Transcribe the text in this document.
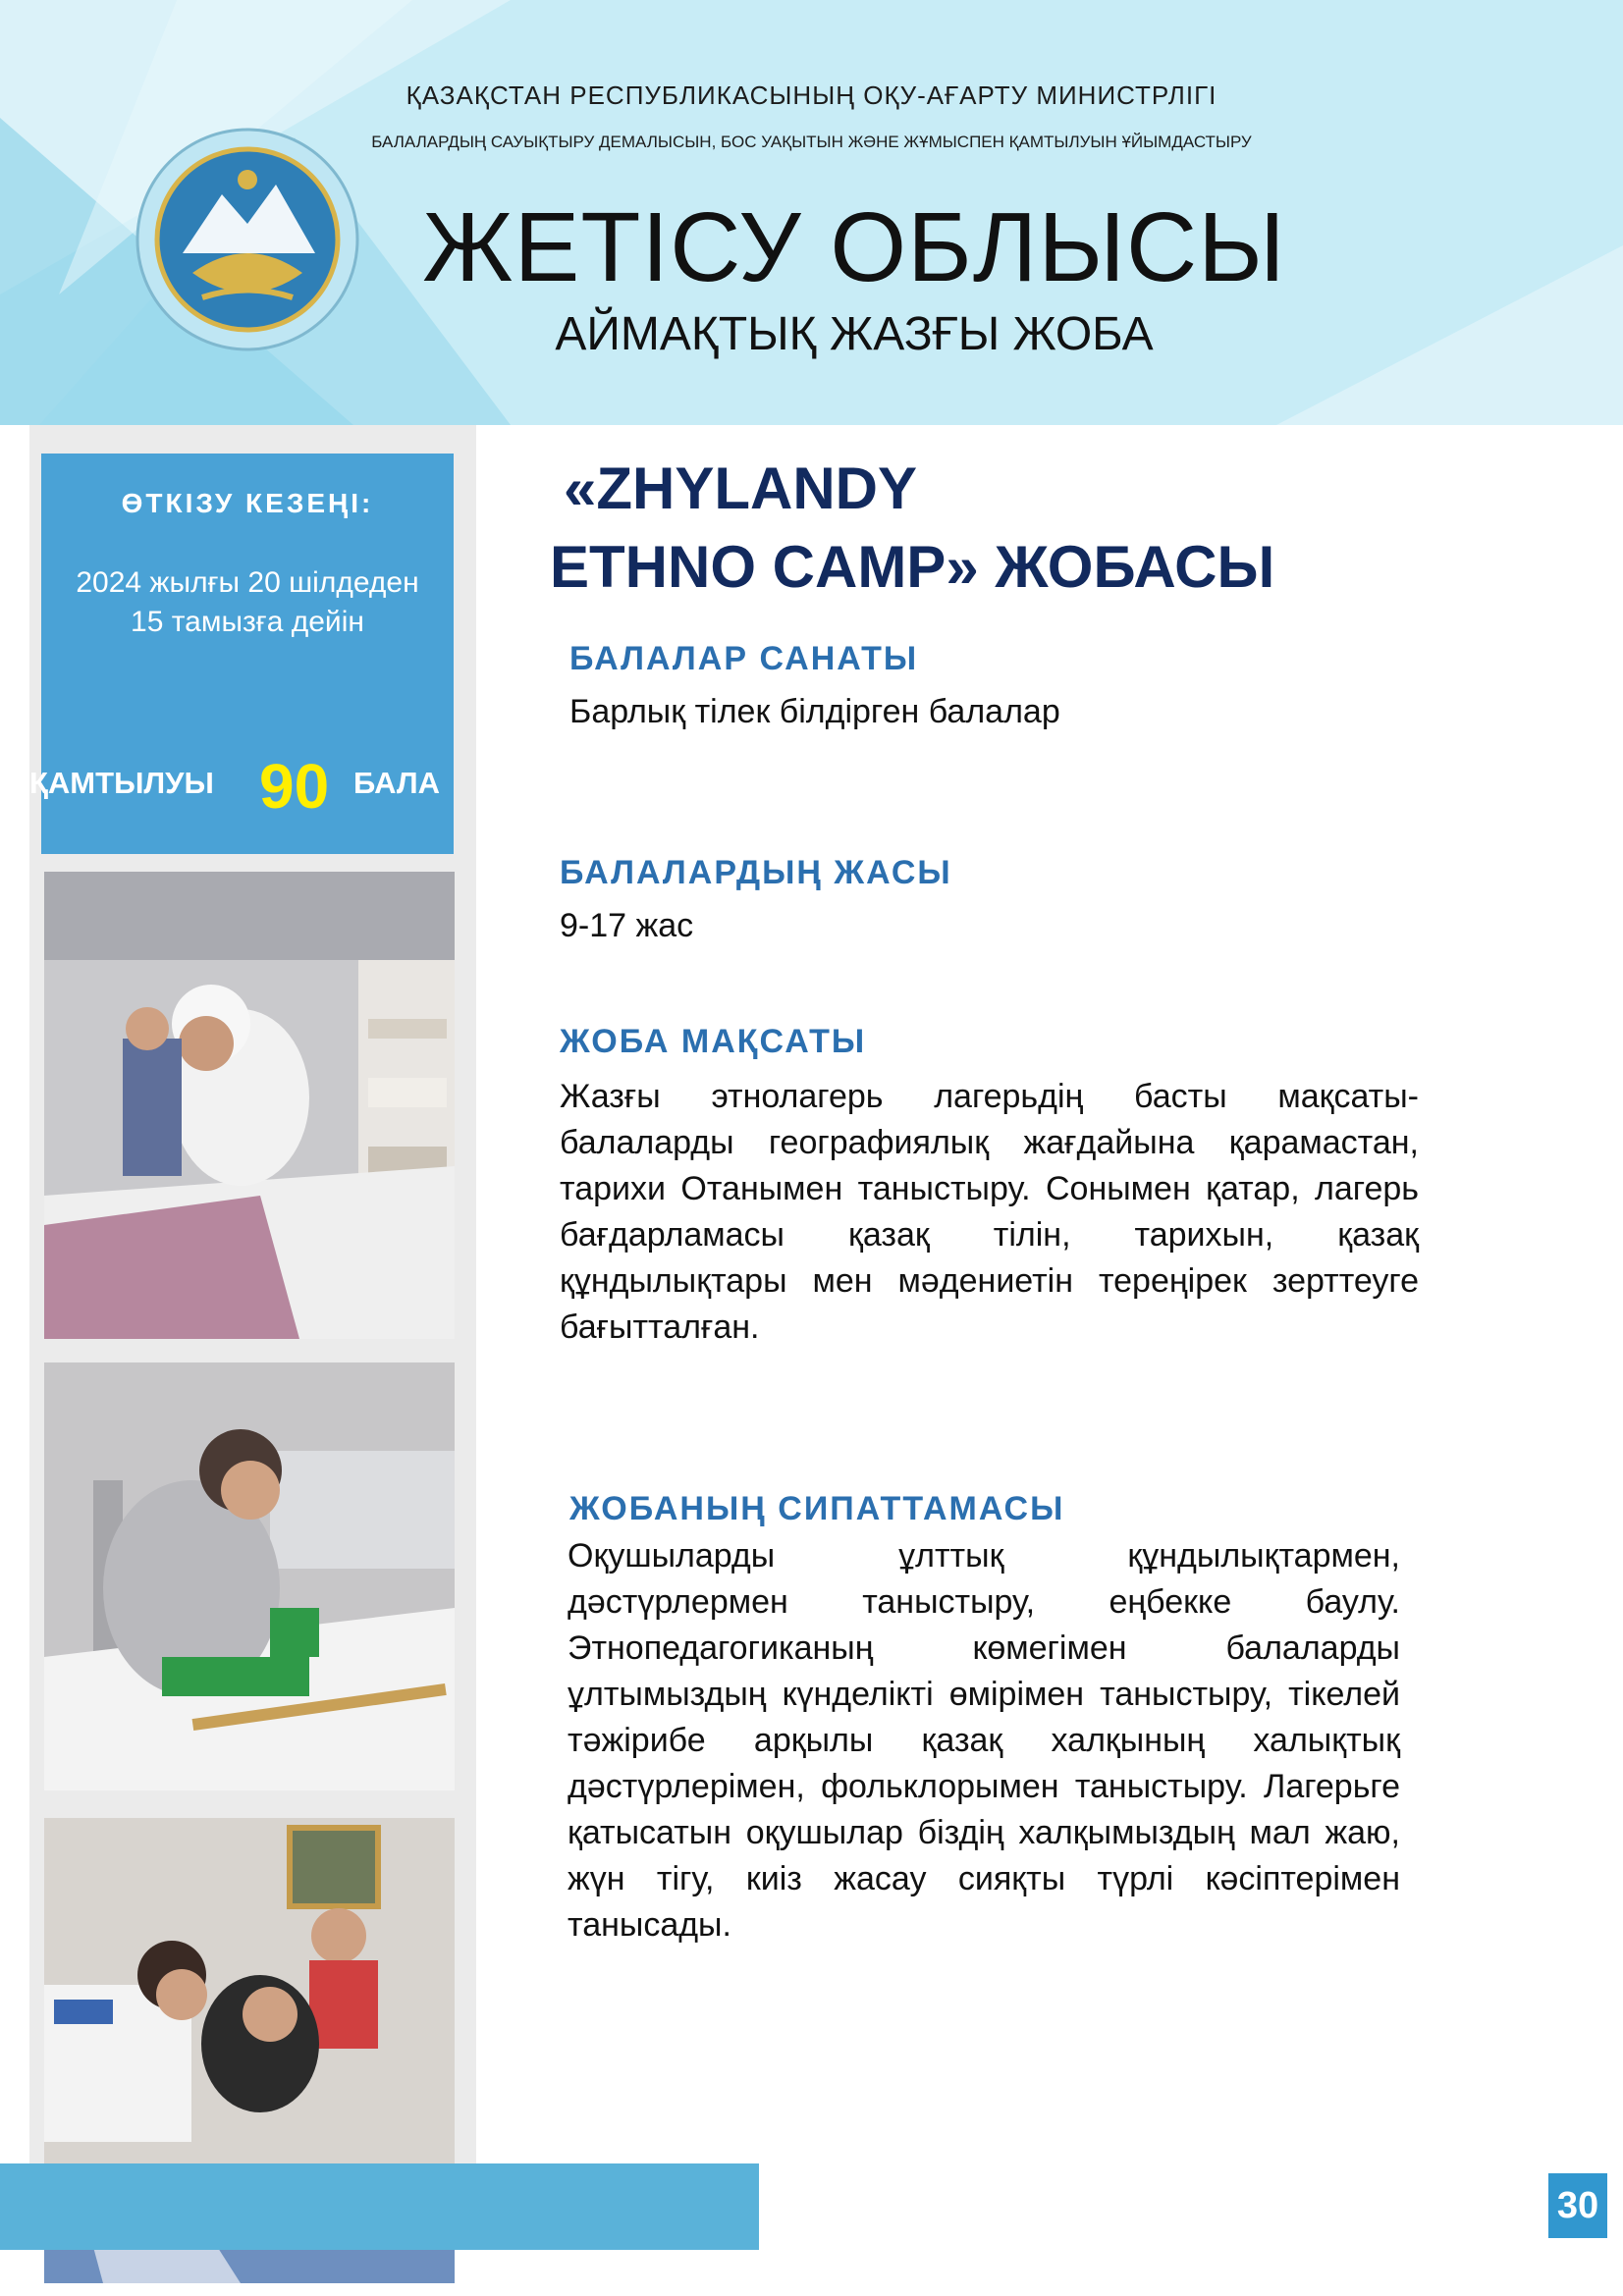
ҚАЗАҚСТАН РЕСПУБЛИКАСЫНЫҢ ОҚУ-АҒАРТУ МИНИСТРЛІГІ
БАЛАЛАРДЫҢ САУЫҚТЫРУ ДЕМАЛЫСЫН, БОС УАҚЫТЫН ЖӘНЕ ЖҰМЫСПЕН ҚАМТЫЛУЫН ҰЙЫМДАСТЫРУ
ЖЕТІСУ ОБЛЫСЫ
АЙМАҚТЫҚ ЖАЗҒЫ ЖОБА
ӨТКІЗУ КЕЗЕҢІ:
2024 жылғы 20 шілдеден
15 тамызға дейін
ҚАМТЫЛУЫ 90 БАЛА
«ZHYLANDY
ETHNO CAMP» ЖОБАСЫ
БАЛАЛАР САНАТЫ
Барлық тілек білдірген балалар
БАЛАЛАРДЫҢ ЖАСЫ
9-17 жас
ЖОБА МАҚСАТЫ
Жазғы этнолагерь лагерьдің басты мақсаты-балаларды географиялық жағдайына қарамастан, тарихи Отанымен таныстыру. Сонымен қатар, лагерь бағдарламасы қазақ тілін, тарихын, қазақ құндылықтары мен мәдениетін тереңірек зерттеуге бағытталған.
ЖОБАНЫҢ СИПАТТАМАСЫ
Оқушыларды ұлттық құндылықтармен, дәстүрлермен таныстыру, еңбекке баулу. Этнопедагогиканың көмегімен балаларды ұлтымыздың күнделікті өмірімен таныстыру, тікелей тәжірибе арқылы қазақ халқының халықтық дәстүрлерімен, фольклорымен таныстыру. Лагерьге қатысатын оқушылар біздің халқымыздың мал жаю, жүн тігу, киіз жасау сияқты түрлі кәсіптерімен танысады.
30
